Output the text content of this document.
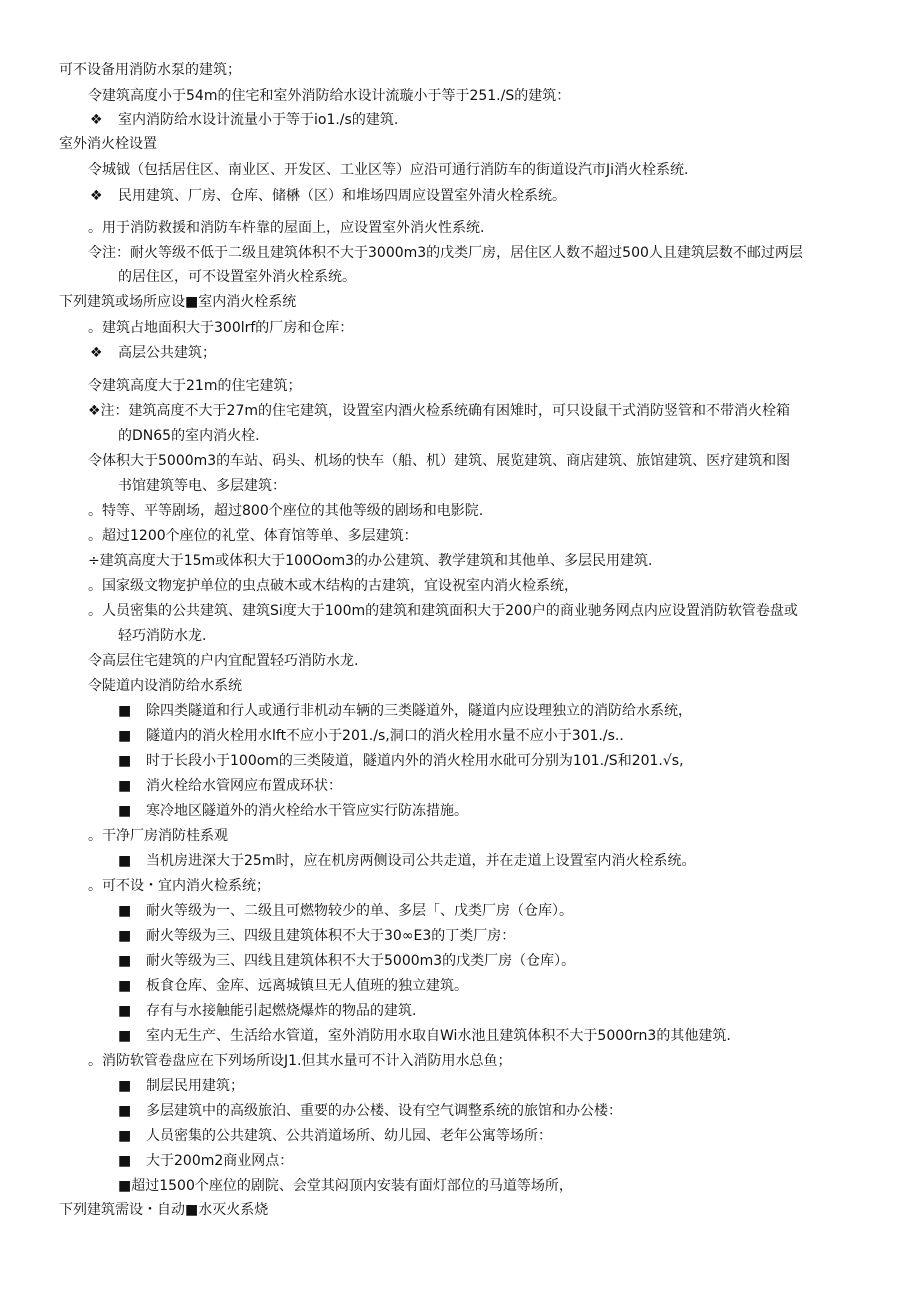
可不设备用消防水泵的建筑；
令建筑高度小于54m的住宅和室外消防给水设计流璇小于等于251./S的建筑：
❖ 室内消防给水设计流量小于等于io1./s的建筑.
室外消火栓设置
令城钺（包括居住区、南业区、开发区、工业区等）应沿可通行消防车的街道设汽市Ji消火栓系统.
❖ 民用建筑、厂房、仓库、储楙（区）和堆场四周应设置室外清火栓系统。
。用于消防救援和消防车杵靠的屋面上，应设置室外消火性系统.
令注：耐火等级不低于二级且建筑体积不大于3000m3的戊类厂房，居住区人数不超过500人且建筑层数不邮过两层
的居住区，可不设置室外消火栓系统。
下列建筑或场所应设■室内消火栓系统
。建筑占地面积大于300lrf的厂房和仓库：
❖ 高层公共建筑；
令建筑高度大于21m的住宅建筑；
❖注：建筑高度不大于27m的住宅建筑，设置室内酒火检系统确有困雉时，可只设鼠干式消防竖管和不带消火栓箱
的DN65的室内消火栓.
令体积大于5000m3的车站、码头、机场的快车（船、机）建筑、展览建筑、商店建筑、旅馆建筑、医疗建筑和图
书馆建筑等电、多层建筑：
。特等、平等剧场，超过800个座位的其他等级的剧场和电影院.
。超过1200个座位的礼堂、体育馆等单、多层建筑：
÷建筑高度大于15m或体积大于100Oom3的办公建筑、教学建筑和其他单、多层民用建筑.
。国家级文物宠护单位的虫点破木或木结构的古建筑，宜设祝室内消火检系统，
。人员密集的公共建筑、建筑Si度大于100m的建筑和建筑面积大于200户的商业驰务网点内应设置消防软管卷盘或
轻巧消防水龙.
令高层住宅建筑的户内宜配置轻巧消防水龙.
令陡道内设消防给水系统
■ 除四类隧道和行人或通行非机动车辆的三类隧道外，隧道内应设理独立的消防给水系统，
■ 隧道内的消火栓用水lft不应小于201./s,洞口的消火栓用水量不应小于301./s..
■ 时于长段小于100om的三类陵道，隧道内外的消火栓用水砒可分别为101./S和201.√s,
■ 消火栓给水管网应布置成环状：
■ 寒冷地区隧道外的消火栓给水干管应实行防冻措施。
。干净厂房消防桂系观
■ 当机房进深大于25m时，应在机房两侧设司公共走道，并在走道上设置室内消火栓系统。
。可不设・宜内消火检系统；
■ 耐火等级为一、二级且可燃物较少的单、多层「、戊类厂房（仓库）。
■ 耐火等级为三、四级且建筑体积不大于30∞E3的丁类厂房：
■ 耐火等级为三、四线且建筑体积不大于5000m3的戊类厂房（仓库）。
■ 板食仓库、金库、远离城镇旦无人值班的独立建筑。
■ 存有与水接触能引起燃烧爆炸的物品的建筑.
■ 室内无生产、生活给水管道，室外消防用水取自Wi水池且建筑体积不大于5000rn3的其他建筑.
。消防软管卷盘应在下列场所设J1.但其水量可不计入消防用水总鱼；
■ 制层民用建筑；
■ 多层建筑中的高级旅泊、重要的办公楼、设有空气调整系统的旅馆和办公楼：
■ 人员密集的公共建筑、公共消道场所、幼儿园、老年公寓等场所：
■ 大于200m2商业网点：
■超过1500个座位的剧院、会堂其闷顶内安装有面灯部位的马道等场所，
下列建筑需设・自动■水灭火系烧
